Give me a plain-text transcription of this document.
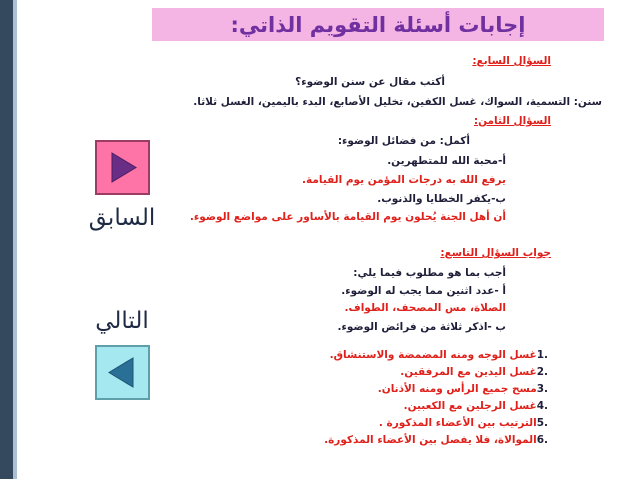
إجابات أسئلة التقويم الذاتي:
السؤال السابع:
أكتب مقال عن سنن الوضوء؟
سنن: التسمية، السواك، غسل الكفين، تخليل الأصابع، البدء باليمين، الغسل ثلاثا.
السؤال الثامن:
أكمل: من فضائل الوضوء:
أ-محبة الله للمتطهرين.
يرفع الله به درجات المؤمن يوم القيامة.
ب-يكفر الخطايا والذنوب.
أن أهل الجنة يُحلون يوم القيامة بالأساور على مواضع الوضوء.
جواب السؤال التاسع:
أجب بما هو مطلوب فيما يلي:
أ -عدد اثنين مما يجب له الوضوء.
الصلاة، مس المصحف، الطواف.
ب -اذكر ثلاثة من فرائض الوضوء.
1.غسل الوجه ومنه المضمضة والاستنشاق.
2.غسل اليدين مع المرفقين.
3.مسح جميع الرأس ومنه الأذنان.
4.غسل الرجلين مع الكعبين.
5.الترتيب بين الأعضاء المذكورة .
6.الموالاة، فلا يفصل بين الأعضاء المذكورة.
السابق
التالي
